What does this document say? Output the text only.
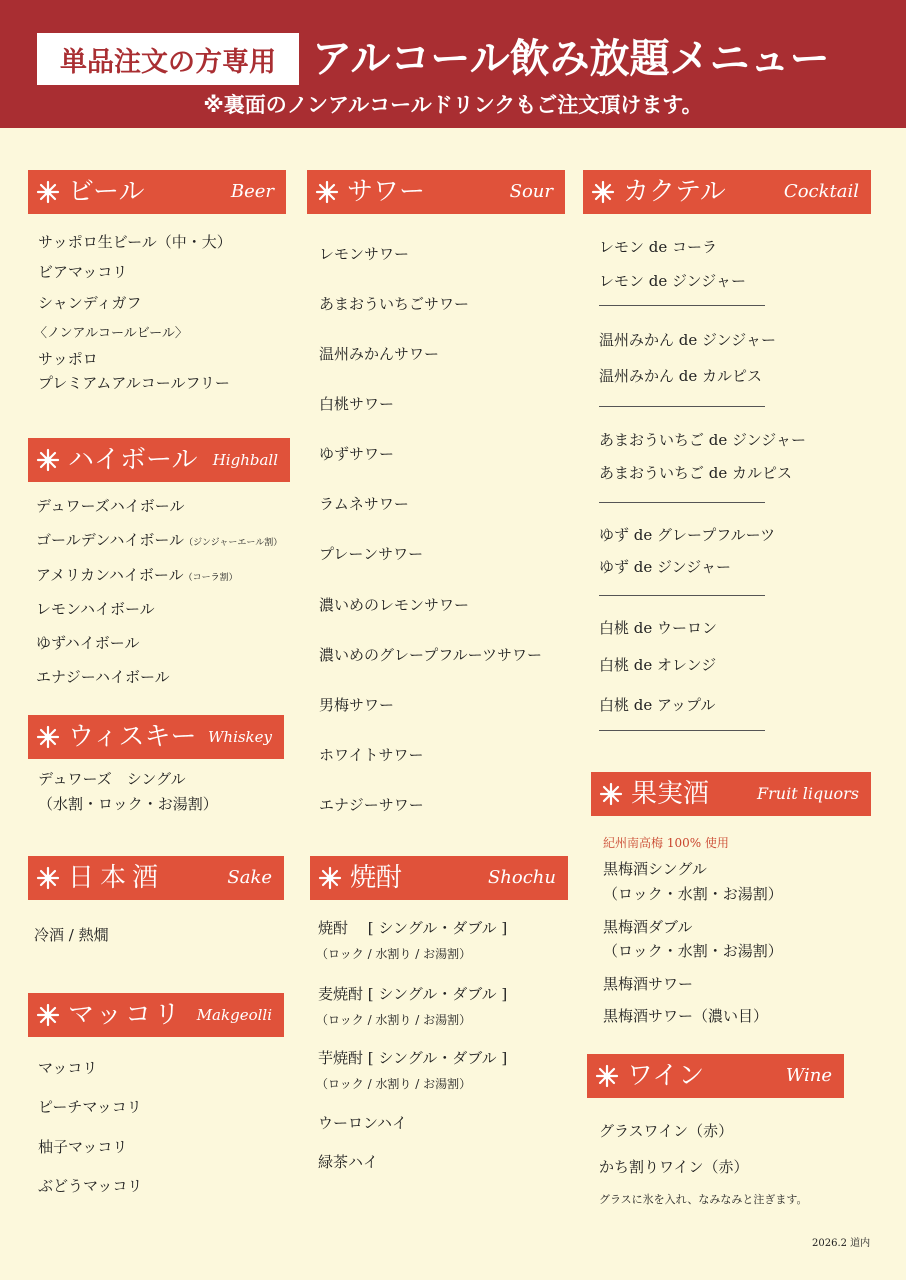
単品注文の方専用 アルコール飲み放題メニュー
※裏面のノンアルコールドリンクもご注文頂けます。
ビール	Beer	サワー	Sour	カクテル	Cocktail
ハイボール Highball
ウィスキー Whiskey
日本酒	Sake
マッコリ Makgeolli
焼酎	Shochu
果実酒	Fruit liquors
ワイン	Wine
サッポロ生ビール（中・大）
ビアマッコリ
シャンディガフ
〈ノンアルコールビール〉
サッポロ
プレミアムアルコールフリー
デュワーズハイボール
ゴールデンハイボール（ジンジャーエール割）
アメリカンハイボール（コーラ割）
レモンハイボール
ゆずハイボール
エナジーハイボール
デュワーズ　シングル
（水割・ロック・お湯割）
冷酒 / 熱燗
マッコリ
ピーチマッコリ
柚子マッコリ
ぶどうマッコリ
レモンサワー
あまおういちごサワー
温州みかんサワー
白桃サワー
ゆずサワー
ラムネサワー
プレーンサワー
濃いめのレモンサワー
濃いめのグレープフルーツサワー
男梅サワー
ホワイトサワー
エナジーサワー
焼酎　 [ シングル・ダブル ]
（ロック / 水割り / お湯割）
麦焼酎 [ シングル・ダブル ]
（ロック / 水割り / お湯割）
芋焼酎 [ シングル・ダブル ]
（ロック / 水割り / お湯割）
ウーロンハイ
緑茶ハイ
レモン de コーラ
レモン de ジンジャー
温州みかん de ジンジャー
温州みかん de カルピス
あまおういちご de ジンジャー
あまおういちご de カルピス
ゆず de グレープフルーツ
ゆず de ジンジャー
白桃 de ウーロン
白桃 de オレンジ
白桃 de アップル
紀州南高梅 100% 使用
黒梅酒シングル
（ロック・水割・お湯割）
黒梅酒ダブル
（ロック・水割・お湯割）
黒梅酒サワー
黒梅酒サワー（濃い目）
グラスワイン（赤）
かち割りワイン（赤）
グラスに氷を入れ、なみなみと注ぎます。
2026.2 道内
